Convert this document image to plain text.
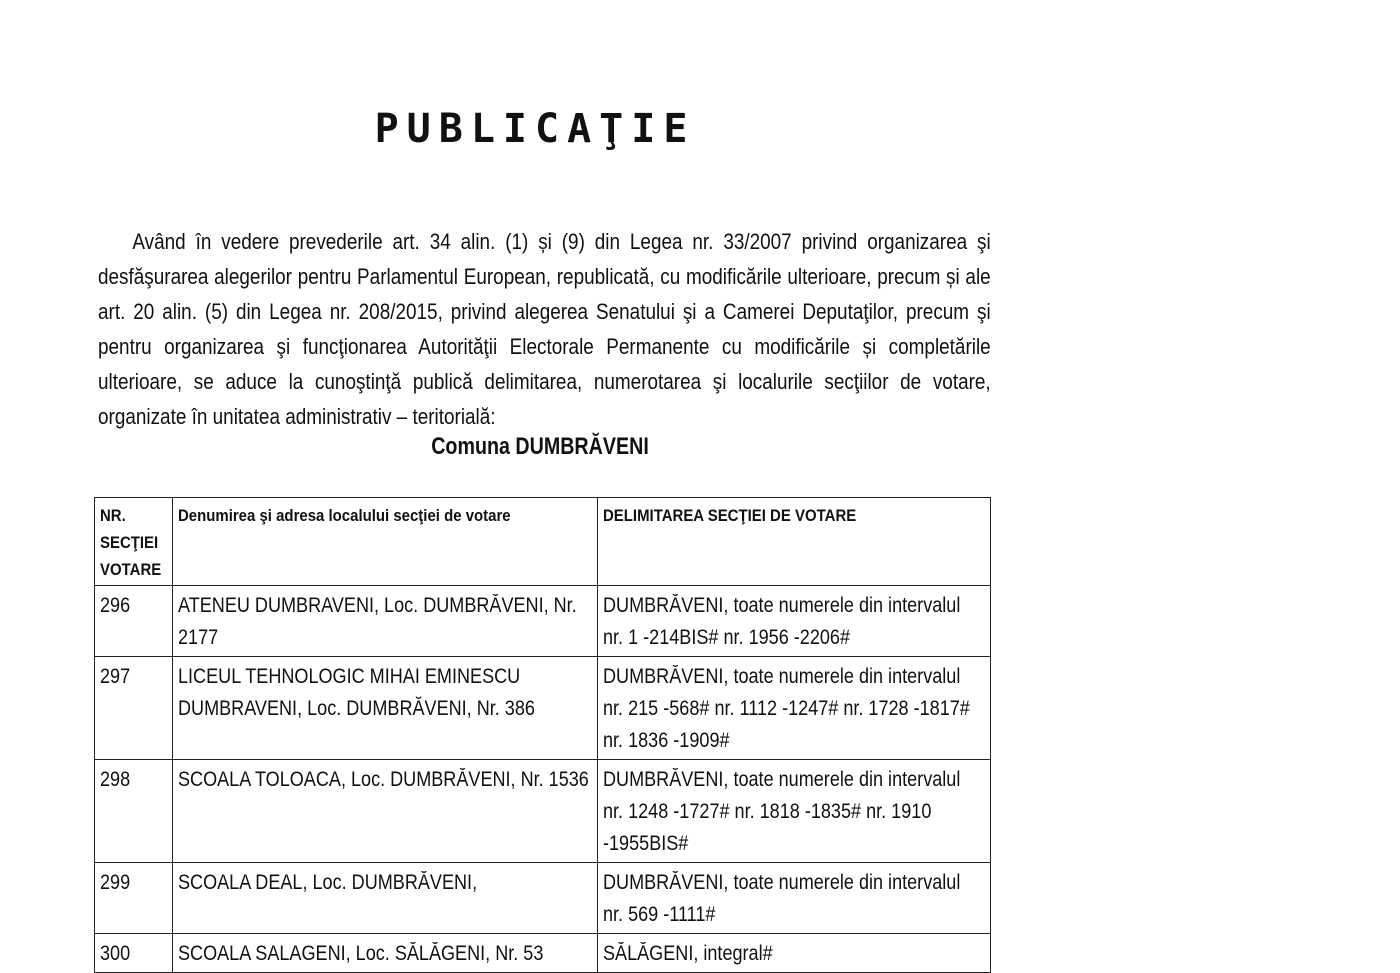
PUBLICAŢIE

Având în vedere prevederile art. 34 alin. (1) și (9) din Legea nr. 33/2007 privind organizarea şi desfăşurarea alegerilor pentru Parlamentul European, republicată, cu modificările ulterioare, precum și ale art. 20 alin. (5) din Legea nr. 208/2015, privind alegerea Senatului şi a Camerei Deputaţilor, precum şi pentru organizarea şi funcţionarea Autorităţii Electorale Permanente cu modificările și completările ulterioare, se aduce la cunoştinţă publică delimitarea, numerotarea şi localurile secţiilor de votare, organizate în unitatea administrativ – teritorială:

Comuna DUMBRĂVENI
NR. SECŢIEI VOTARE	Denumirea şi adresa localului secţiei de votare	DELIMITAREA SECŢIEI DE VOTARE
296	ATENEU DUMBRAVENI, Loc. DUMBRĂVENI, Nr. 2177	DUMBRĂVENI, toate numerele din intervalul nr. 1 -214BIS# nr. 1956 -2206#
297	LICEUL TEHNOLOGIC MIHAI EMINESCU DUMBRAVENI, Loc. DUMBRĂVENI, Nr. 386	DUMBRĂVENI, toate numerele din intervalul nr. 215 -568# nr. 1112 -1247# nr. 1728 -1817# nr. 1836 -1909#
298	SCOALA TOLOACA, Loc. DUMBRĂVENI, Nr. 1536	DUMBRĂVENI, toate numerele din intervalul nr. 1248 -1727# nr. 1818 -1835# nr. 1910 -1955BIS#
299	SCOALA DEAL, Loc. DUMBRĂVENI,	DUMBRĂVENI, toate numerele din intervalul nr. 569 -1111#
300	SCOALA SALAGENI, Loc. SĂLĂGENI, Nr. 53	SĂLĂGENI, integral#
